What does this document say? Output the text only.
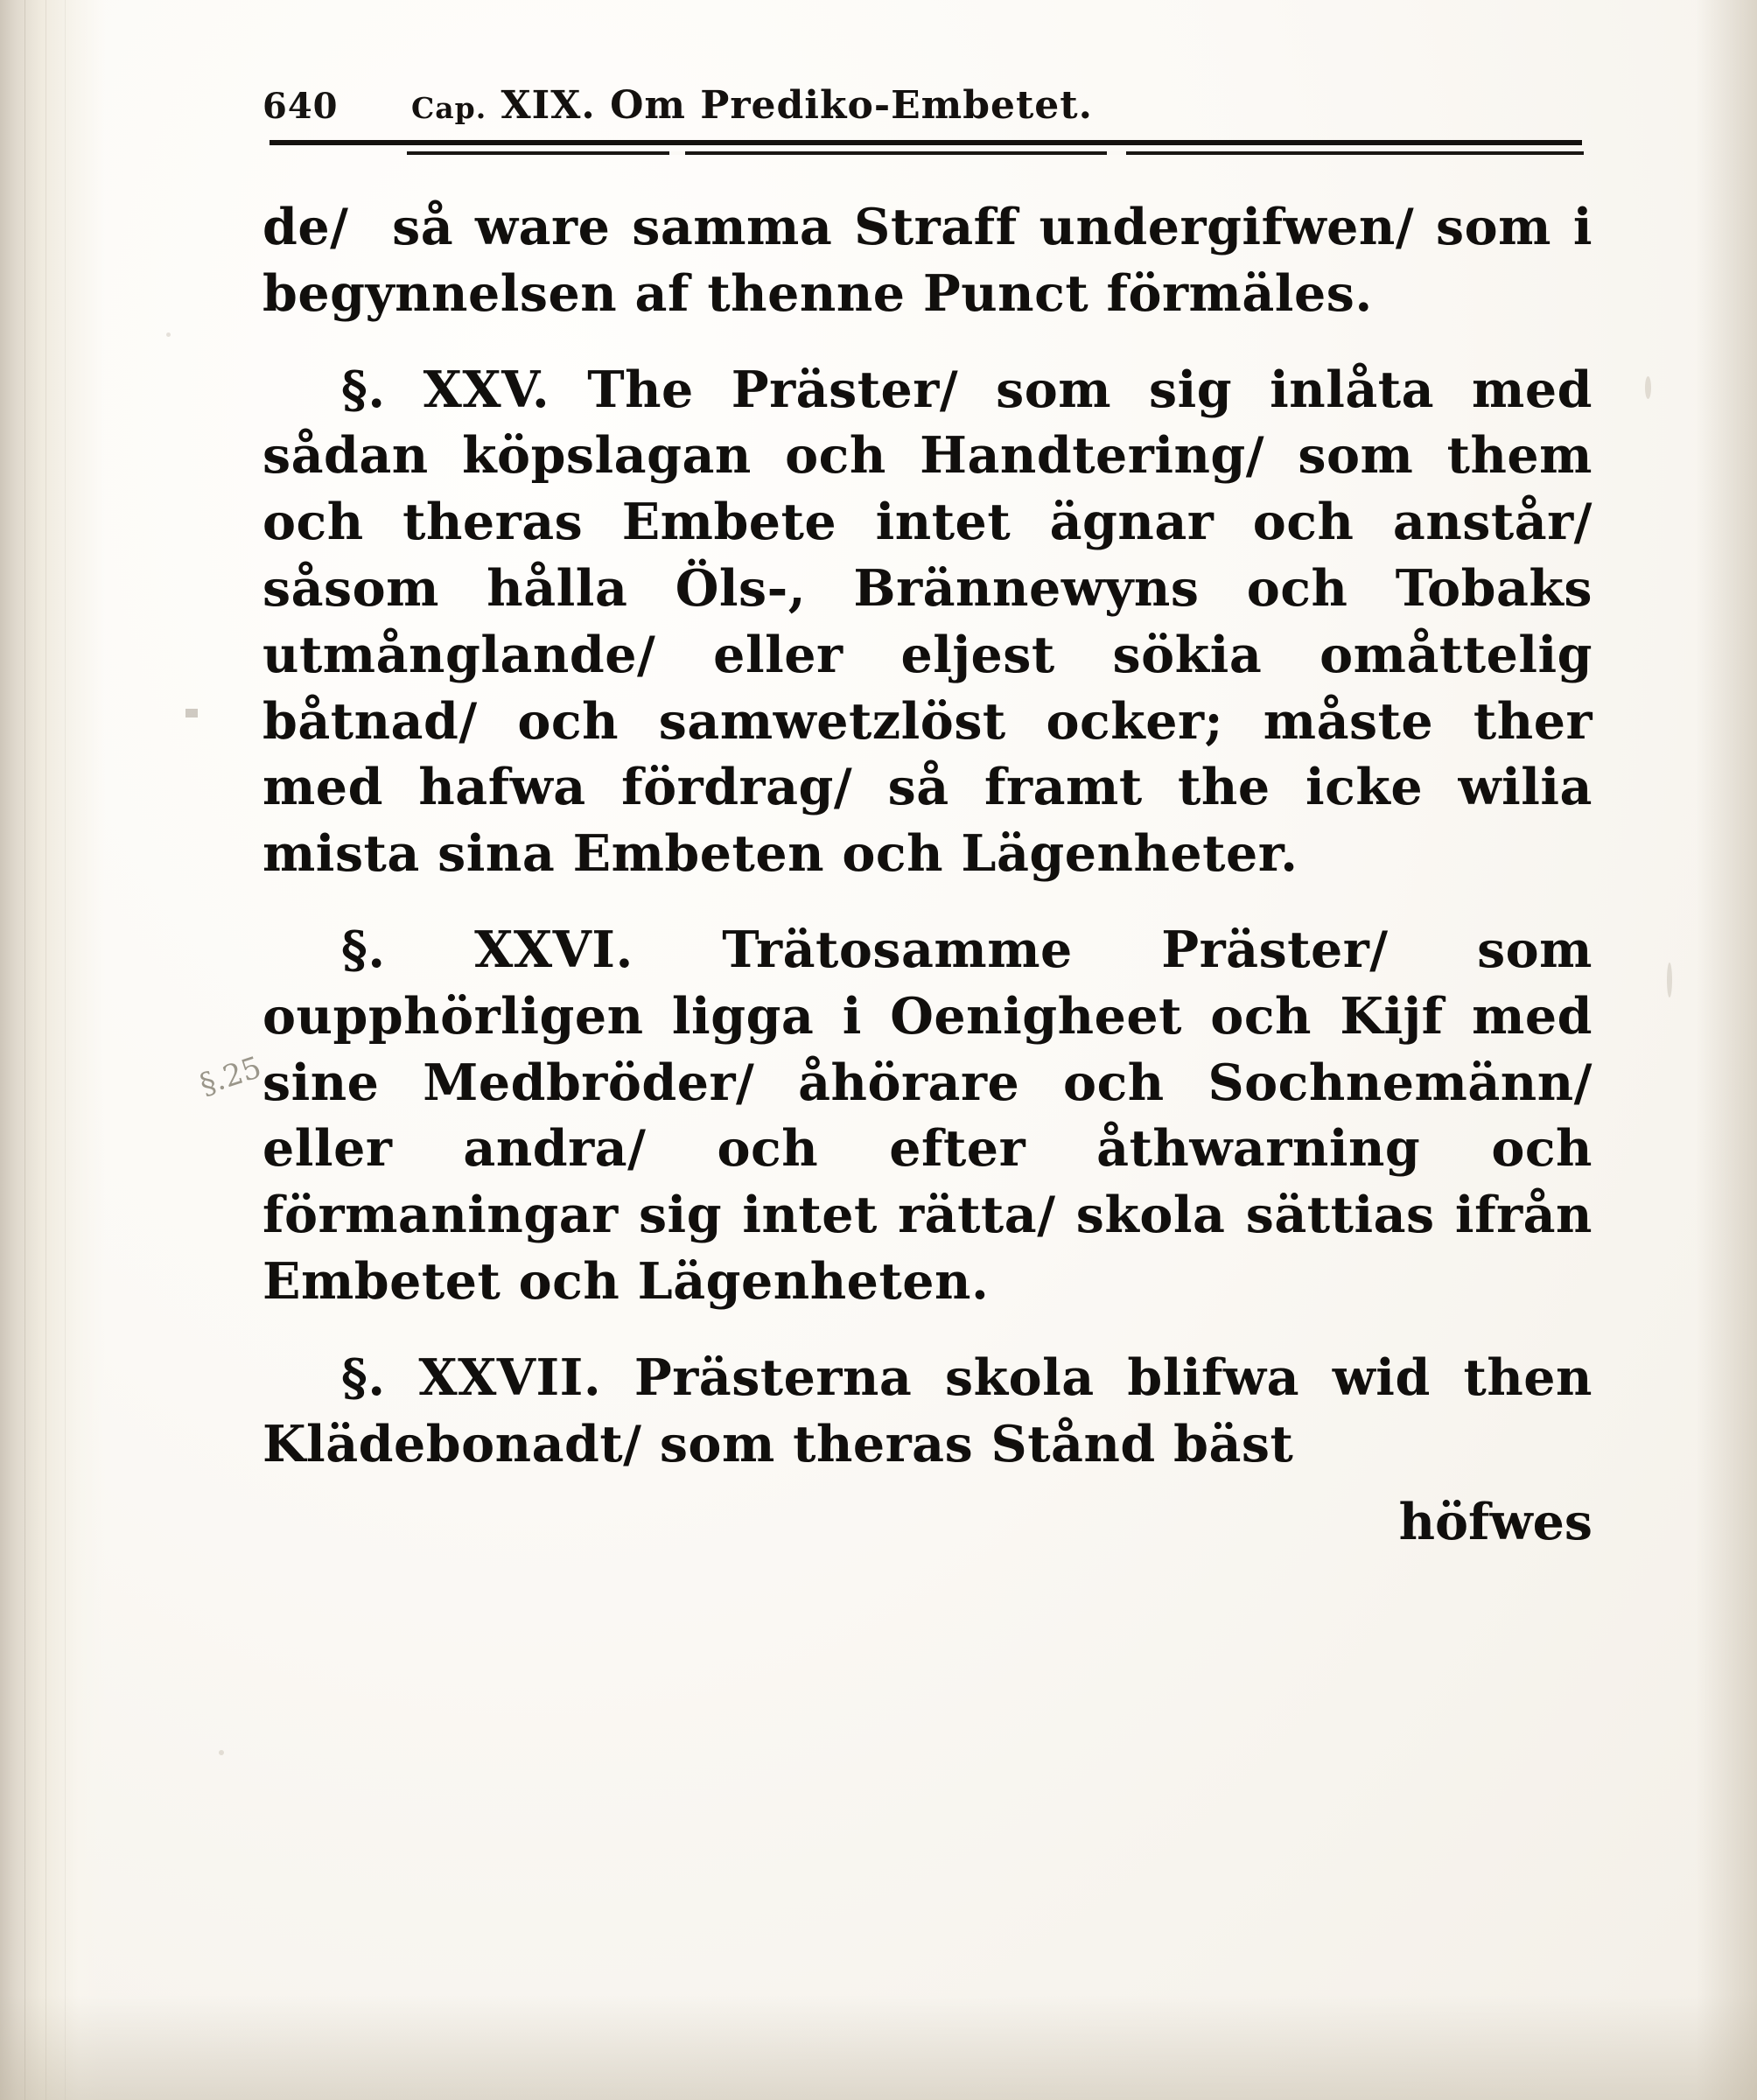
§.25
640	Cap. XIX. Om Prediko-Embetet.
de/  så ware samma Straff undergifwen/ som i begynnelsen af thenne Punct förmäles.
§. XXV. The Präster/ som sig inlåta med sådan köpslagan och Handtering/ som them och theras Embete intet ägnar och anstår/ såsom hålla Öls-, Brännewyns och Tobaks utmånglande/ eller eljest sökia omåttelig båtnad/ och samwetzlöst ocker; måste ther med hafwa fördrag/ så framt the icke wilia mista sina Embeten och Lägenheter.
§. XXVI. Trätosamme Präster/ som oupphörligen ligga i Oenigheet och Kijf med sine Medbröder/ åhörare och Sochnemänn/ eller andra/ och efter åthwarning och förmaningar sig intet rätta/ skola sättias ifrån Embetet och Lägenheten.
§. XXVII. Prästerna skola blifwa wid then Klädebonadt/ som theras Stånd bäst
höfwes
